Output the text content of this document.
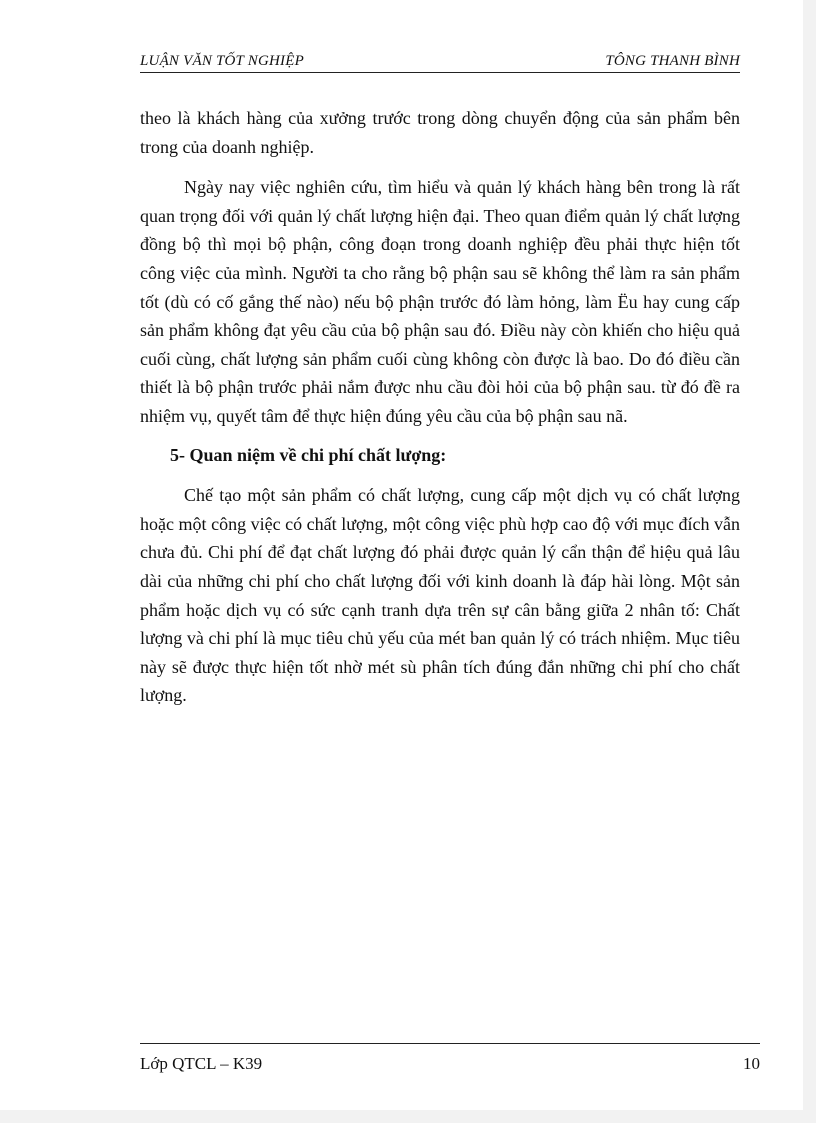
LUẬN VĂN TỐT NGHIỆP	TÔNG THANH BÌNH

theo là khách hàng của xưởng trước trong dòng chuyển động của sản phẩm bên trong của doanh nghiệp.

Ngày nay việc nghiên cứu, tìm hiểu và quản lý khách hàng bên trong là rất quan trọng đối với quản lý chất lượng hiện đại. Theo quan điểm quản lý chất lượng đồng bộ thì mọi bộ phận, công đoạn trong doanh nghiệp đều phải thực hiện tốt công việc của mình. Người ta cho rằng bộ phận sau sẽ không thể làm ra sản phẩm tốt (dù có cố gắng thế nào) nếu bộ phận trước đó làm hỏng, làm Ëu hay cung cấp sản phẩm không đạt yêu cầu của bộ phận sau đó. Điều này còn khiến cho hiệu quả cuối cùng, chất lượng sản phẩm cuối cùng không còn được là bao. Do đó điều cần thiết là bộ phận trước phải nắm được nhu cầu đòi hỏi của bộ phận sau. từ đó đề ra nhiệm vụ, quyết tâm để thực hiện đúng yêu cầu của bộ phận sau nã.

5- Quan niệm về chi phí chất lượng:

Chế tạo một sản phẩm có chất lượng, cung cấp một dịch vụ có chất lượng hoặc một công việc có chất lượng, một công việc phù hợp cao độ với mục đích vẫn chưa đủ. Chi phí để đạt chất lượng đó phải được quản lý cẩn thận để hiệu quả lâu dài của những chi phí cho chất lượng đối với kinh doanh là đáp hài lòng. Một sản phẩm hoặc dịch vụ có sức cạnh tranh dựa trên sự cân bằng giữa 2 nhân tố: Chất lượng và chi phí là mục tiêu chủ yếu của mét ban quản lý có trách nhiệm. Mục tiêu này sẽ được thực hiện tốt nhờ mét sù phân tích đúng đắn những chi phí cho chất lượng.

Lớp QTCL – K39	10
